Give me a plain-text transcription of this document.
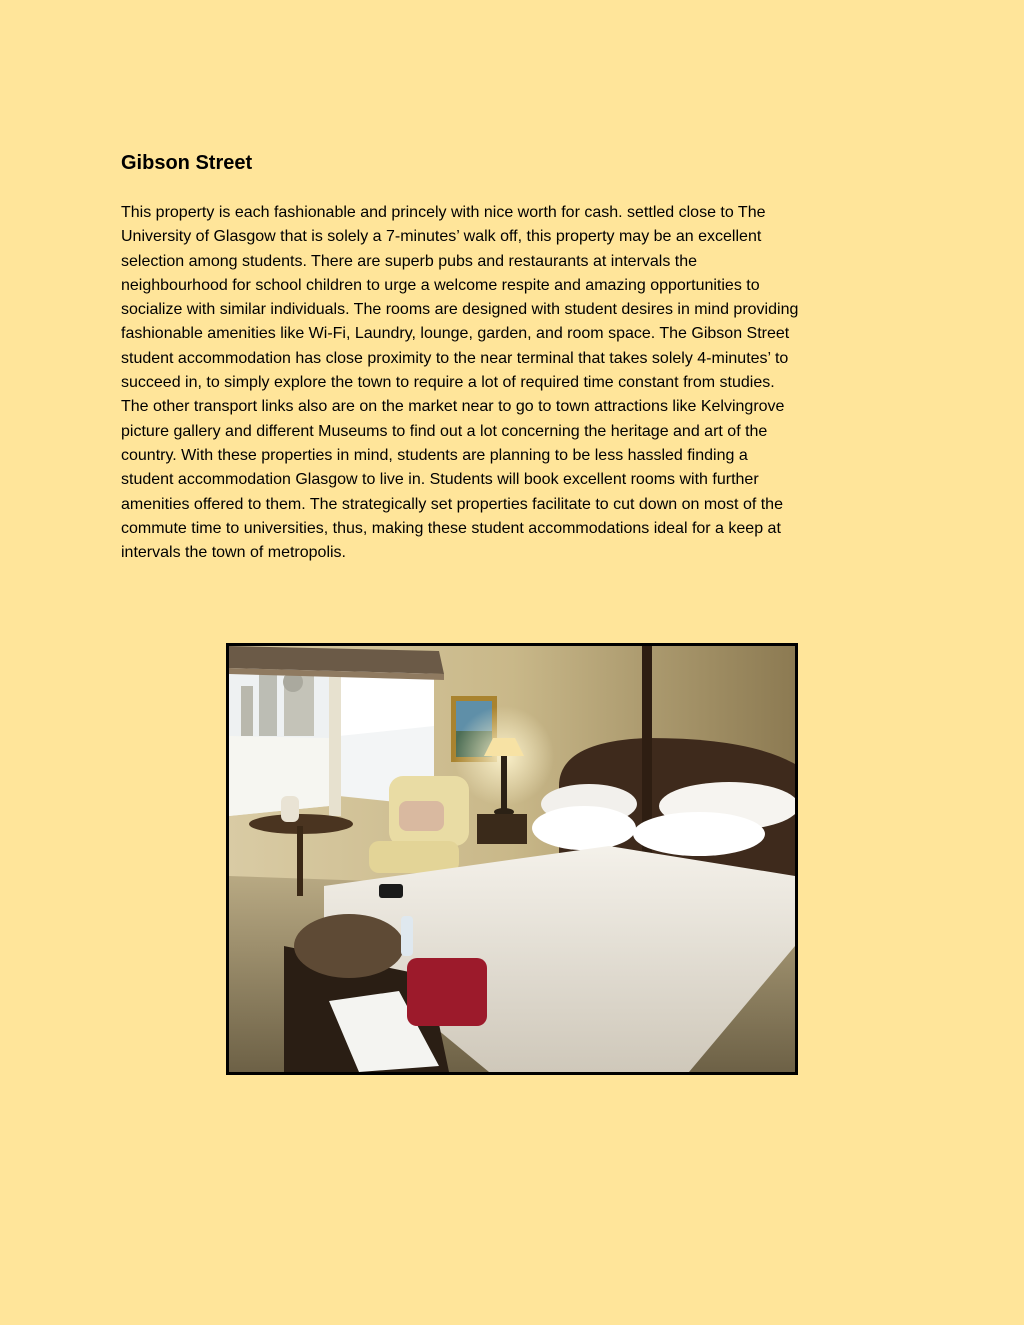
Gibson Street

This property is each fashionable and princely with nice worth for cash. settled close to The
University of Glasgow that is solely a 7-minutes’ walk off, this property may be an excellent
selection among students. There are superb pubs and restaurants at intervals the
neighbourhood for school children to urge a welcome respite and amazing opportunities to
socialize with similar individuals. The rooms are designed with student desires in mind providing
fashionable amenities like Wi-Fi, Laundry, lounge, garden, and room space. The Gibson Street
student accommodation has close proximity to the near terminal that takes solely 4-minutes’ to
succeed in, to simply explore the town to require a lot of required time constant from studies.
The other transport links also are on the market near to go to town attractions like Kelvingrove
picture gallery and different Museums to find out a lot concerning the heritage and art of the
country. With these properties in mind, students are planning to be less hassled finding a
student accommodation Glasgow to live in. Students will book excellent rooms with further
amenities offered to them. The strategically set properties facilitate to cut down on most of the
commute time to universities, thus, making these student accommodations ideal for a keep at
intervals the town of metropolis.
